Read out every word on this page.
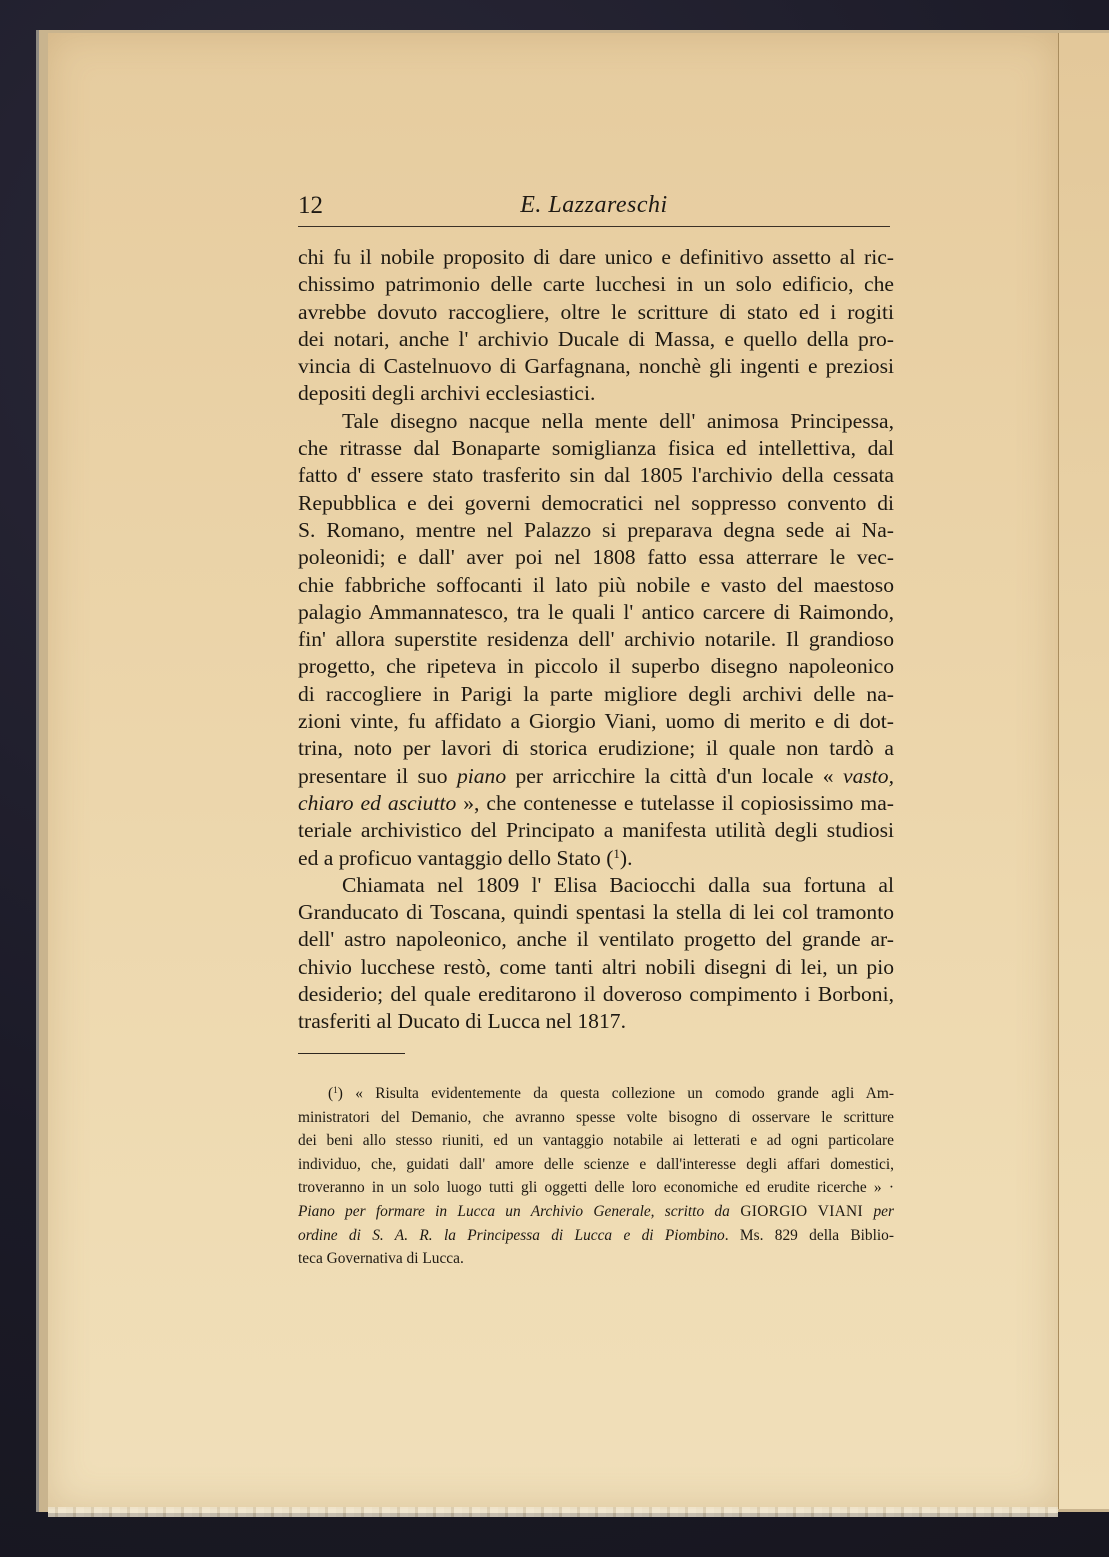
12	E. Lazzareschi

chi fu il nobile proposito di dare unico e definitivo assetto al ric-
chissimo patrimonio delle carte lucchesi in un solo edificio, che
avrebbe dovuto raccogliere, oltre le scritture di stato ed i rogiti
dei notari, anche l' archivio Ducale di Massa, e quello della pro-
vincia di Castelnuovo di Garfagnana, nonchè gli ingenti e preziosi
depositi degli archivi ecclesiastici.

Tale disegno nacque nella mente dell' animosa Principessa,
che ritrasse dal Bonaparte somiglianza fisica ed intellettiva, dal
fatto d' essere stato trasferito sin dal 1805 l'archivio della cessata
Repubblica e dei governi democratici nel soppresso convento di
S. Romano, mentre nel Palazzo si preparava degna sede ai Na-
poleonidi; e dall' aver poi nel 1808 fatto essa atterrare le vec-
chie fabbriche soffocanti il lato più nobile e vasto del maestoso
palagio Ammannatesco, tra le quali l' antico carcere di Raimondo,
fin' allora superstite residenza dell' archivio notarile. Il grandioso
progetto, che ripeteva in piccolo il superbo disegno napoleonico
di raccogliere in Parigi la parte migliore degli archivi delle na-
zioni vinte, fu affidato a Giorgio Viani, uomo di merito e di dot-
trina, noto per lavori di storica erudizione; il quale non tardò a
presentare il suo piano per arricchire la città d'un locale « vasto,
chiaro ed asciutto », che contenesse e tutelasse il copiosissimo ma-
teriale archivistico del Principato a manifesta utilità degli studiosi
ed a proficuo vantaggio dello Stato ($^1$).

Chiamata nel 1809 l' Elisa Baciocchi dalla sua fortuna al
Granducato di Toscana, quindi spentasi la stella di lei col tramonto
dell' astro napoleonico, anche il ventilato progetto del grande ar-
chivio lucchese restò, come tanti altri nobili disegni di lei, un pio
desiderio; del quale ereditarono il doveroso compimento i Borboni,
trasferiti al Ducato di Lucca nel 1817.

($^1$) « Risulta evidentemente da questa collezione un comodo grande agli Am-
ministratori del Demanio, che avranno spesse volte bisogno di osservare le scritture
dei beni allo stesso riuniti, ed un vantaggio notabile ai letterati e ad ogni particolare
individuo, che, guidati dall' amore delle scienze e dall'interesse degli affari domestici,
troveranno in un solo luogo tutti gli oggetti delle loro economiche ed erudite ricerche » ·
Piano per formare in Lucca un Archivio Generale, scritto da GIORGIO VIANI per
ordine di S. A. R. la Principessa di Lucca e di Piombino. Ms. 829 della Biblio-
teca Governativa di Lucca.
